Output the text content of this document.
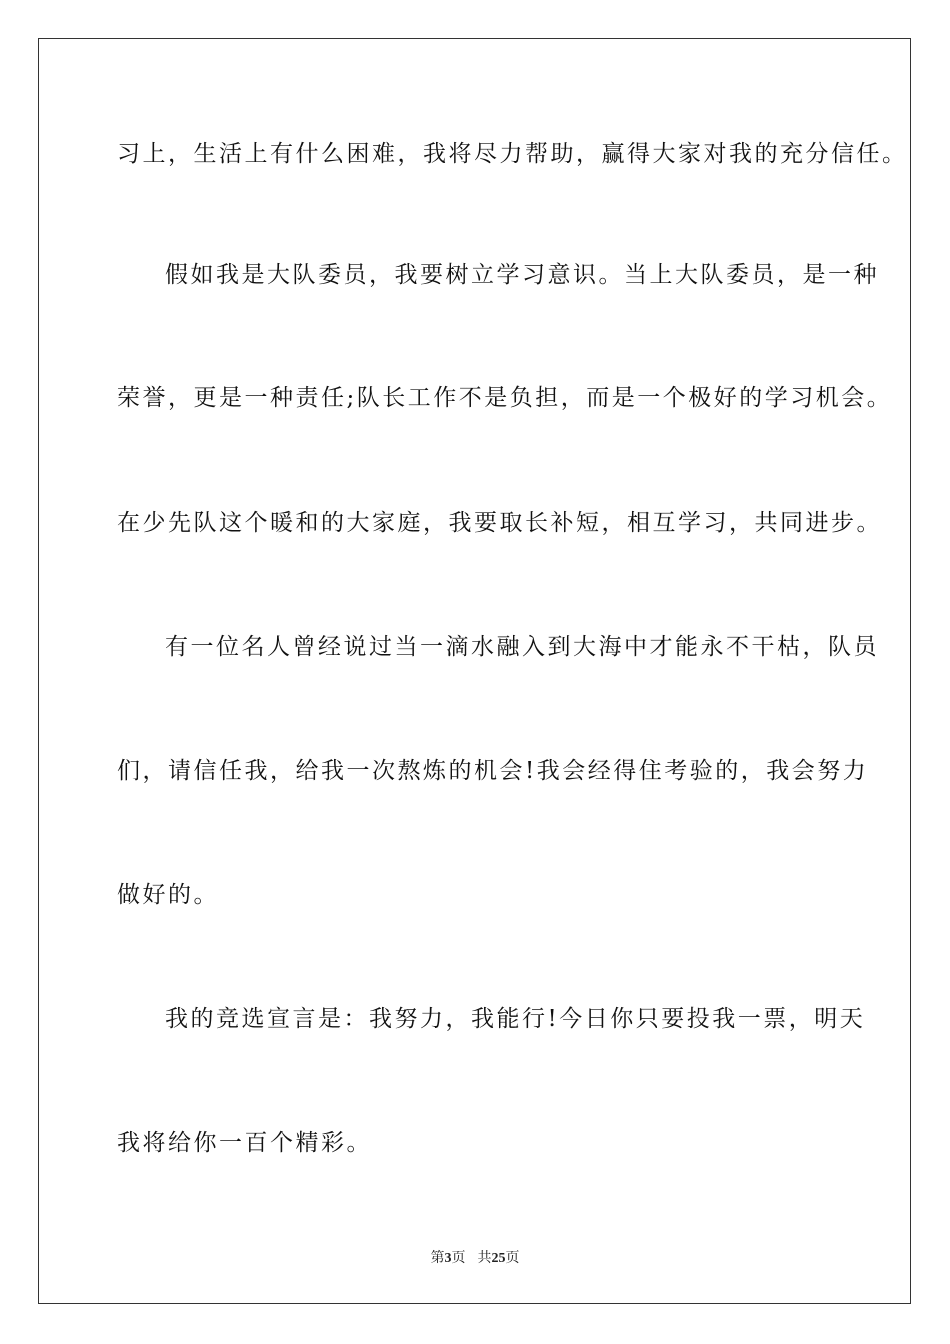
习上，生活上有什么困难，我将尽力帮助，赢得大家对我的充分信任。
假如我是大队委员，我要树立学习意识。当上大队委员，是一种
荣誉，更是一种责任;队长工作不是负担，而是一个极好的学习机会。
在少先队这个暖和的大家庭，我要取长补短，相互学习，共同进步。
有一位名人曾经说过当一滴水融入到大海中才能永不干枯，队员
们，请信任我，给我一次熬炼的机会!我会经得住考验的，我会努力
做好的。
我的竞选宣言是：我努力，我能行!今日你只要投我一票，明天
我将给你一百个精彩。
第3页 共25页
